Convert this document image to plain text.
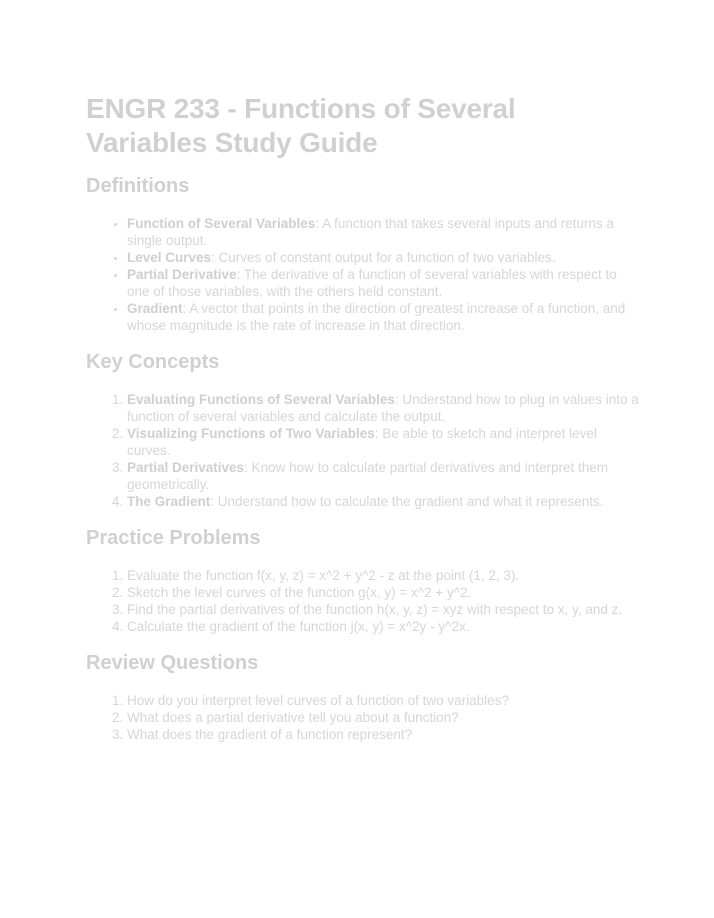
ENGR 233 - Functions of Several Variables Study Guide
Definitions
• Function of Several Variables: A function that takes several inputs and returns a single output.
• Level Curves: Curves of constant output for a function of two variables.
• Partial Derivative: The derivative of a function of several variables with respect to one of those variables, with the others held constant.
• Gradient: A vector that points in the direction of greatest increase of a function, and whose magnitude is the rate of increase in that direction.
Key Concepts
1. Evaluating Functions of Several Variables: Understand how to plug in values into a function of several variables and calculate the output.
2. Visualizing Functions of Two Variables: Be able to sketch and interpret level curves.
3. Partial Derivatives: Know how to calculate partial derivatives and interpret them geometrically.
4. The Gradient: Understand how to calculate the gradient and what it represents.
Practice Problems
1. Evaluate the function f(x, y, z) = x^2 + y^2 - z at the point (1, 2, 3).
2. Sketch the level curves of the function g(x, y) = x^2 + y^2.
3. Find the partial derivatives of the function h(x, y, z) = xyz with respect to x, y, and z.
4. Calculate the gradient of the function j(x, y) = x^2y - y^2x.
Review Questions
1. How do you interpret level curves of a function of two variables?
2. What does a partial derivative tell you about a function?
3. What does the gradient of a function represent?
